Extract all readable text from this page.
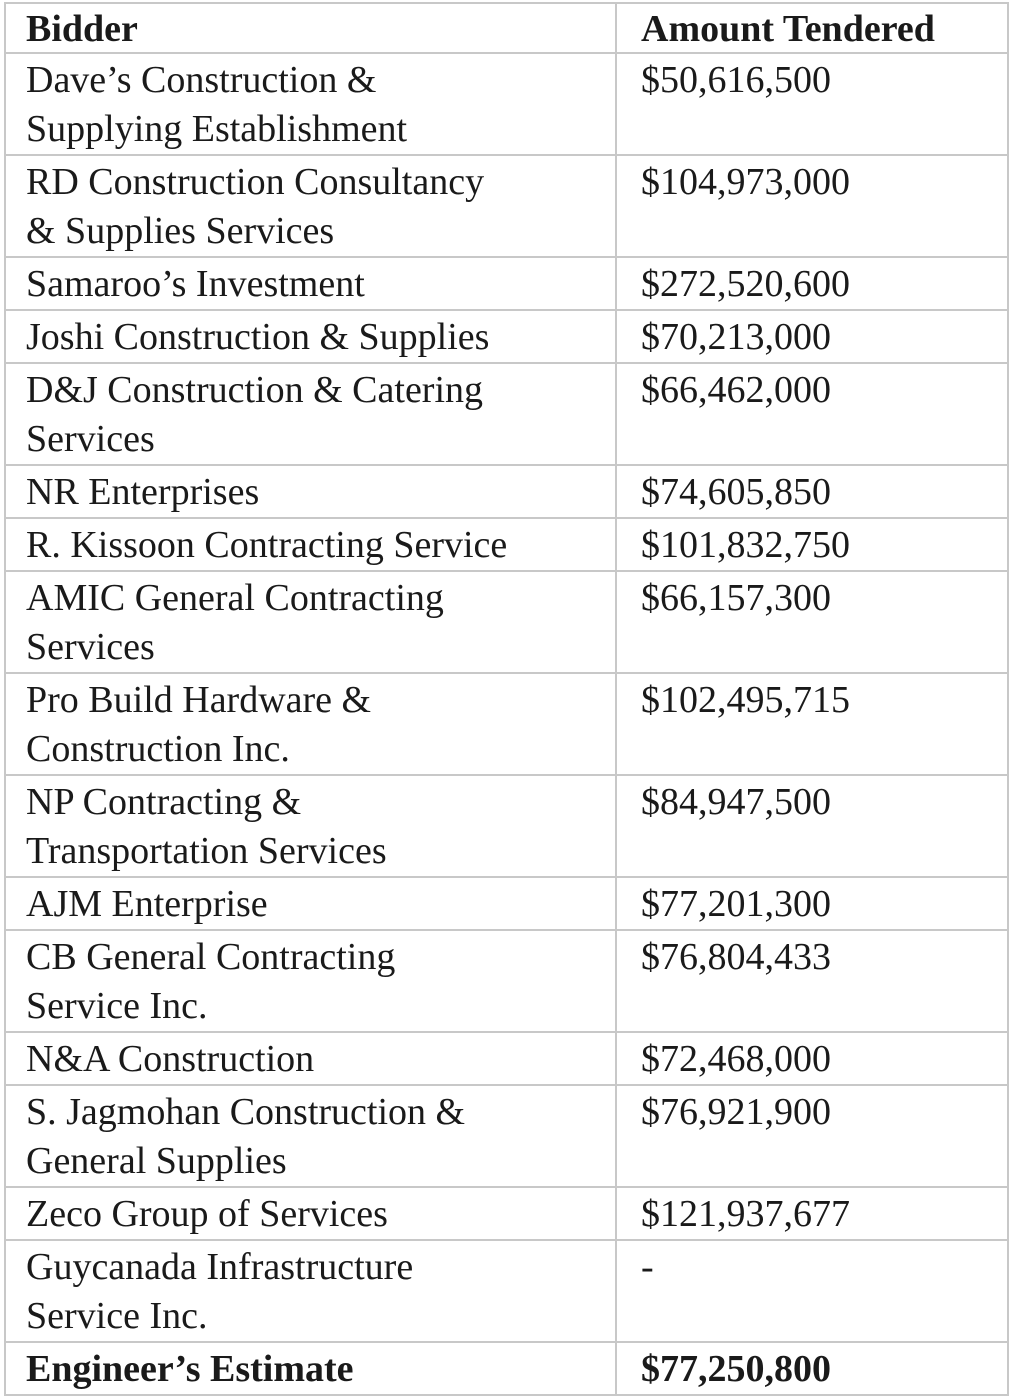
Bidder	Amount Tendered

Dave’s Construction &
Supplying Establishment	$50,616,500

RD Construction Consultancy
& Supplies Services	$104,973,000

Samaroo’s Investment	$272,520,600

Joshi Construction & Supplies	$70,213,000

D&J Construction & Catering
Services	$66,462,000

NR Enterprises	$74,605,850

R. Kissoon Contracting Service	$101,832,750

AMIC General Contracting
Services	$66,157,300

Pro Build Hardware &
Construction Inc.	$102,495,715

NP Contracting &
Transportation Services	$84,947,500

AJM Enterprise	$77,201,300

CB General Contracting
Service Inc.	$76,804,433

N&A Construction	$72,468,000

S. Jagmohan Construction &
General Supplies	$76,921,900

Zeco Group of Services	$121,937,677

Guycanada Infrastructure
Service Inc.	-
Engineer’s Estimate	$77,250,800
